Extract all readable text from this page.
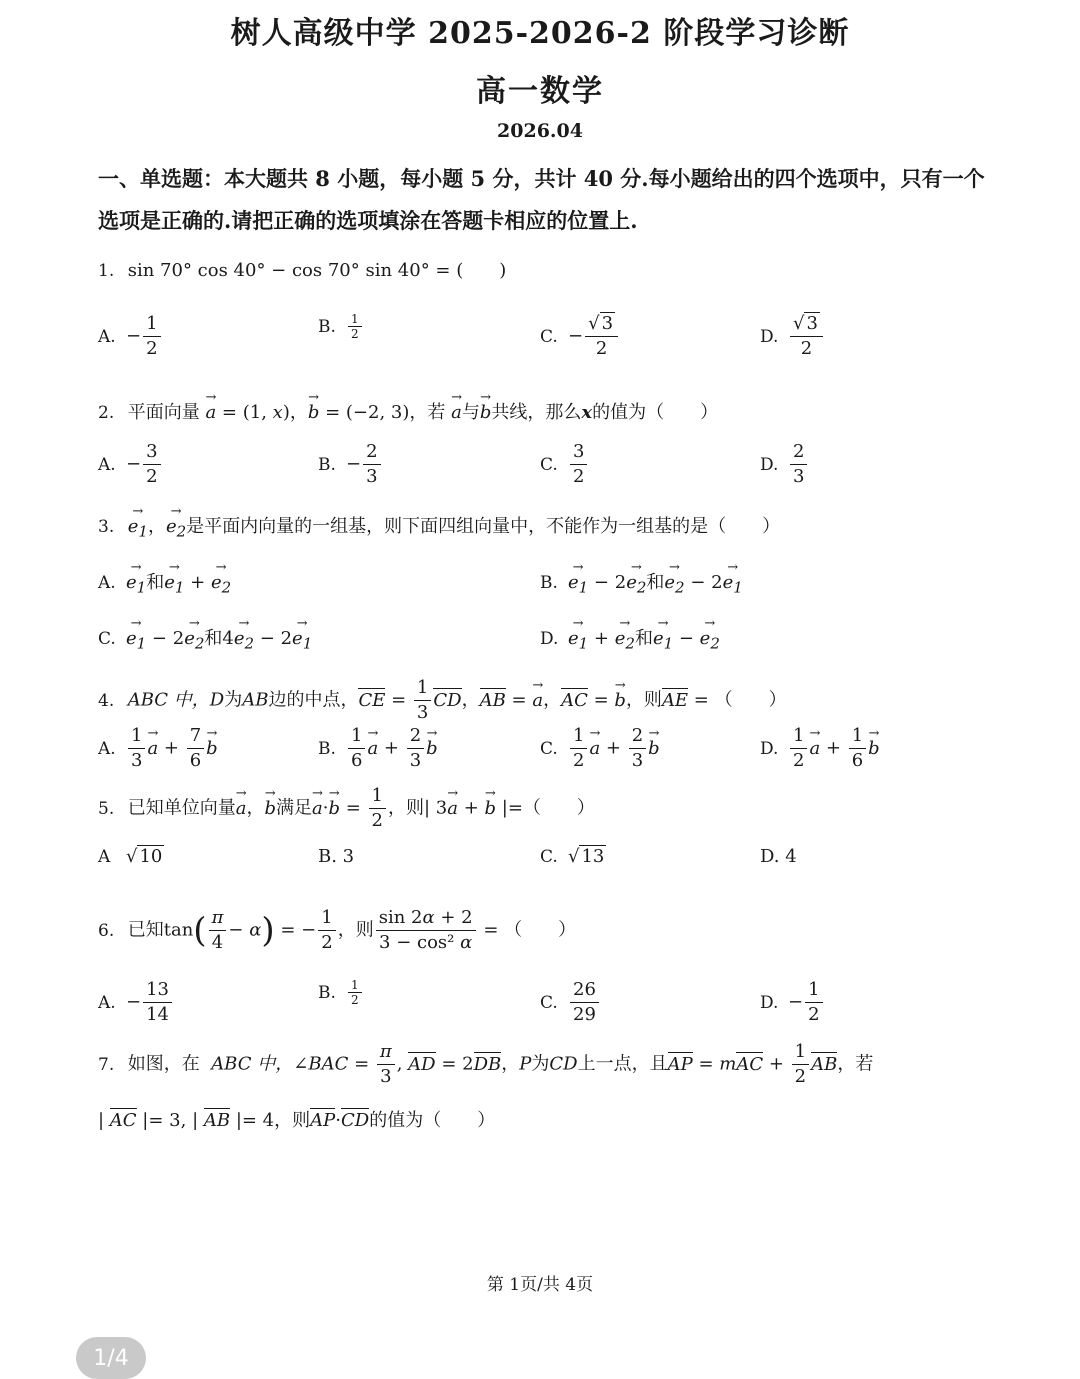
树人高级中学 2025-2026-2 阶段学习诊断
高一数学
2026.04
一、单选题：本大题共 8 小题，每小题 5 分，共计 40 分.每小题给出的四个选项中，只有一个
选项是正确的.请把正确的选项填涂在答题卡相应的位置上.
1. sin 70° cos 40° − cos 70° sin 40° = (　　)
A. − $\frac{1}{2}$	B. $\frac{1}{2}$	C. − $\frac{√ 3}{2}$	D. $\frac{√ 3}{2}$
2. 平面向量 → a = (1, x)，→ b = (−2, 3)，若 → a与→ b共线，那么x的值为（　　）
A. − $\frac{3}{2}$	B. − $\frac{2}{3}$	C. $\frac{3}{2}$	D. $\frac{2}{3}$
3. → $e_1$，→ $e_2$是平面内向量的一组基，则下面四组向量中，不能作为一组基的是（　　）
$A.\to e_1$和→ $e_1$ + → $e_2$	$B.\to e_1 - 2\to e_2$和→ $e_2 - 2\to e_1$
$C.\to e_1 - 2\to e_2$和$4\to e_2 - 2\to e_1$	$D.\to e_1$ + → $e_2$和→ $e_1$ − → $e_2$
4. ABC 中，D为AB边的中点，CE = $\frac{1}{3}$ CD，AB = → a，AC = → b，则AE = （　　）
A. $\frac{1}{3}$
→ $a + \frac{7}{6}$
→ b	B. $\frac{1}{6}$
→ $a + \frac{2}{3}$
→ b	C. $\frac{1}{2}$
→ $a + \frac{2}{3}$
→ b	D. $\frac{1}{2}$
→ $a + \frac{1}{6}$
→ b
5. 已知单位向量→ a，→ b满足→ $a\cdot\to b = \frac{1}{2}$ ，则| 3→ a + → b |=（　　）
A √ 10	B. 3	C. √ 13	D. 4
6. 已知$\tan( \frac{\pi}{4} - \alpha)$ = − $\frac{1}{2}$ ，则 $\frac{\sin 2\alpha + 2}{\text{3 − cos² α}}$ = （　　）
A. − $\frac{13}{14}$	B. $\frac{1}{2}$	C. $\frac{26}{29}$	D. − $\frac{1}{2}$
7. 如图，在 ABC 中，∠BAC = $\frac{\pi}{3}$ , AD = 2DB，P为CD上一点，且AP = mAC + $\frac{1}{2}$ AB，若
| AC |= 3, | AB |= 4，则AP·CD的值为（　　）
第 1页/共 4页
1/4
